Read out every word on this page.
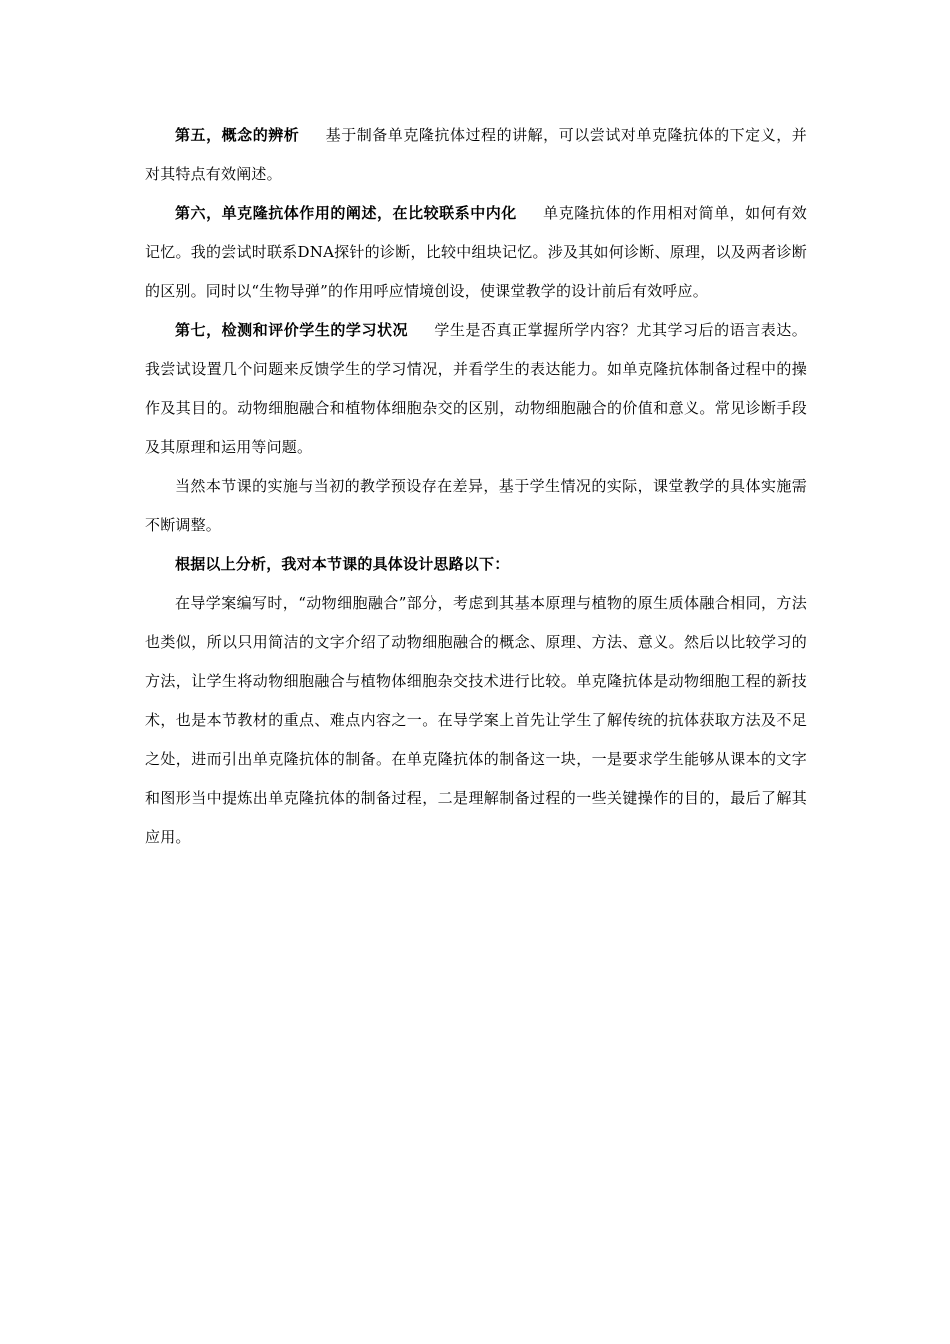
第五，概念的辨析 基于制备单克隆抗体过程的讲解，可以尝试对单克隆抗体的下定义，并对其特点有效阐述。

第六，单克隆抗体作用的阐述，在比较联系中内化 单克隆抗体的作用相对简单，如何有效记忆。我的尝试时联系DNA探针的诊断，比较中组块记忆。涉及其如何诊断、原理，以及两者诊断的区别。同时以“生物导弹”的作用呼应情境创设，使课堂教学的设计前后有效呼应。

第七，检测和评价学生的学习状况 学生是否真正掌握所学内容？尤其学习后的语言表达。我尝试设置几个问题来反馈学生的学习情况，并看学生的表达能力。如单克隆抗体制备过程中的操作及其目的。动物细胞融合和植物体细胞杂交的区别，动物细胞融合的价值和意义。常见诊断手段及其原理和运用等问题。

当然本节课的实施与当初的教学预设存在差异，基于学生情况的实际，课堂教学的具体实施需不断调整。

根据以上分析，我对本节课的具体设计思路以下：

在导学案编写时，“动物细胞融合”部分，考虑到其基本原理与植物的原生质体融合相同，方法也类似，所以只用简洁的文字介绍了动物细胞融合的概念、原理、方法、意义。然后以比较学习的方法，让学生将动物细胞融合与植物体细胞杂交技术进行比较。单克隆抗体是动物细胞工程的新技术，也是本节教材的重点、难点内容之一。在导学案上首先让学生了解传统的抗体获取方法及不足之处，进而引出单克隆抗体的制备。在单克隆抗体的制备这一块，一是要求学生能够从课本的文字和图形当中提炼出单克隆抗体的制备过程，二是理解制备过程的一些关键操作的目的，最后了解其应用。
